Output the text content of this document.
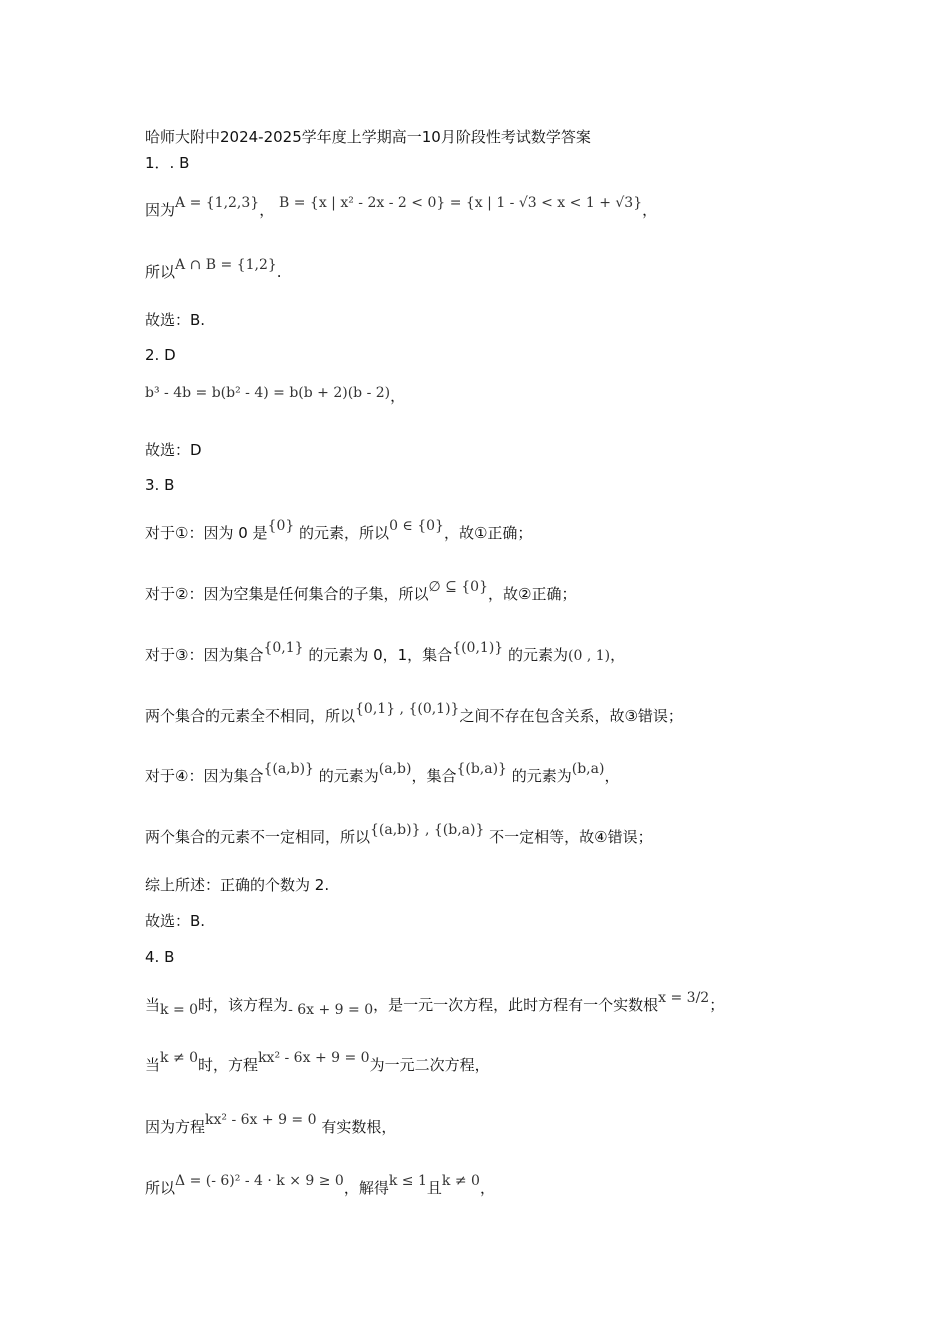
哈师大附中2024-2025学年度上学期高一10月阶段性考试数学答案
1．. B
因为A = {1,2,3}， B = {x | x² - 2x - 2 < 0} = {x | 1 - √3 < x < 1 + √3}，
所以A ∩ B = {1,2}.
故选：B.
2. D
b³ - 4b = b(b² - 4) = b(b + 2)(b - 2)，
故选：D
3. B
对于①：因为 0 是{0} 的元素，所以0 ∈ {0}，故①正确；
对于②：因为空集是任何集合的子集，所以∅ ⊆ {0}，故②正确；
对于③：因为集合{0,1} 的元素为 0，1，集合{(0,1)} 的元素为(0 , 1)，
两个集合的元素全不相同，所以{0,1} , {(0,1)}之间不存在包含关系，故③错误；
对于④：因为集合{(a,b)} 的元素为(a,b)，集合{(b,a)} 的元素为(b,a)，
两个集合的元素不一定相同，所以{(a,b)} , {(b,a)} 不一定相等，故④错误；
综上所述：正确的个数为 2.
故选：B.
4. B
当k = 0时，该方程为- 6x + 9 = 0，是一元一次方程，此时方程有一个实数根x = 3/2；
当k ≠ 0时，方程kx² - 6x + 9 = 0为一元二次方程，
因为方程kx² - 6x + 9 = 0 有实数根，
所以Δ = (- 6)² - 4 · k × 9 ≥ 0，解得k ≤ 1且k ≠ 0，
